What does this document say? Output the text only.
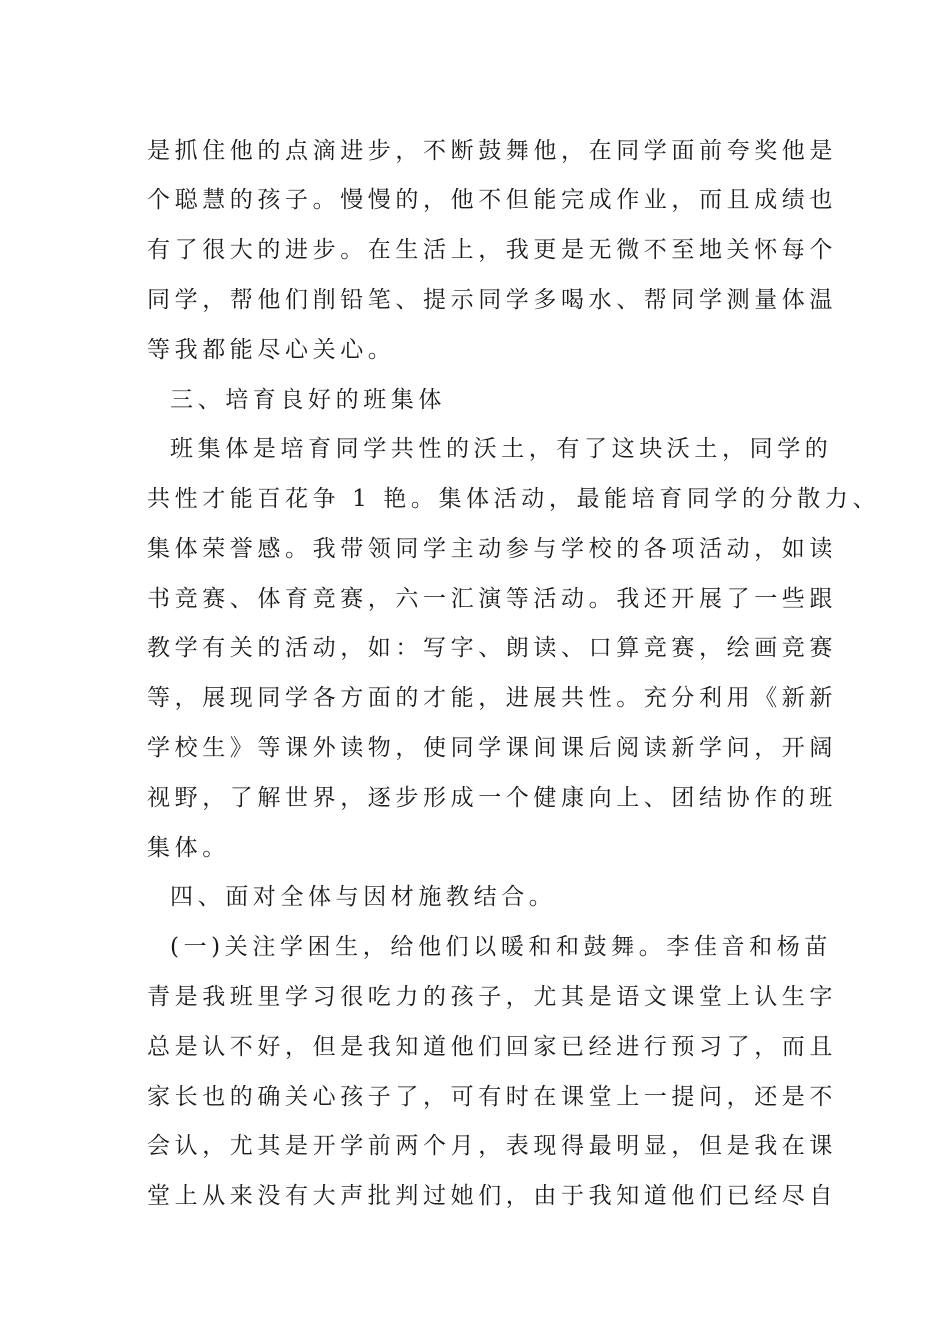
是抓住他的点滴进步，不断鼓舞他，在同学面前夸奖他是
个聪慧的孩子。慢慢的，他不但能完成作业，而且成绩也
有了很大的进步。在生活上，我更是无微不至地关怀每个
同学，帮他们削铅笔、提示同学多喝水、帮同学测量体温
等我都能尽心关心。
三、培育良好的班集体
班集体是培育同学共性的沃土，有了这块沃土，同学的
共性才能百花争 1 艳。集体活动，最能培育同学的分散力、
集体荣誉感。我带领同学主动参与学校的各项活动，如读
书竞赛、体育竞赛，六一汇演等活动。我还开展了一些跟
教学有关的活动，如：写字、朗读、口算竞赛，绘画竞赛
等，展现同学各方面的才能，进展共性。充分利用《新新
学校生》等课外读物，使同学课间课后阅读新学问，开阔
视野，了解世界，逐步形成一个健康向上、团结协作的班
集体。
四、面对全体与因材施教结合。
(一)关注学困生，给他们以暖和和鼓舞。李佳音和杨苗
青是我班里学习很吃力的孩子，尤其是语文课堂上认生字
总是认不好，但是我知道他们回家已经进行预习了，而且
家长也的确关心孩子了，可有时在课堂上一提问，还是不
会认，尤其是开学前两个月，表现得最明显，但是我在课
堂上从来没有大声批判过她们，由于我知道他们已经尽自
